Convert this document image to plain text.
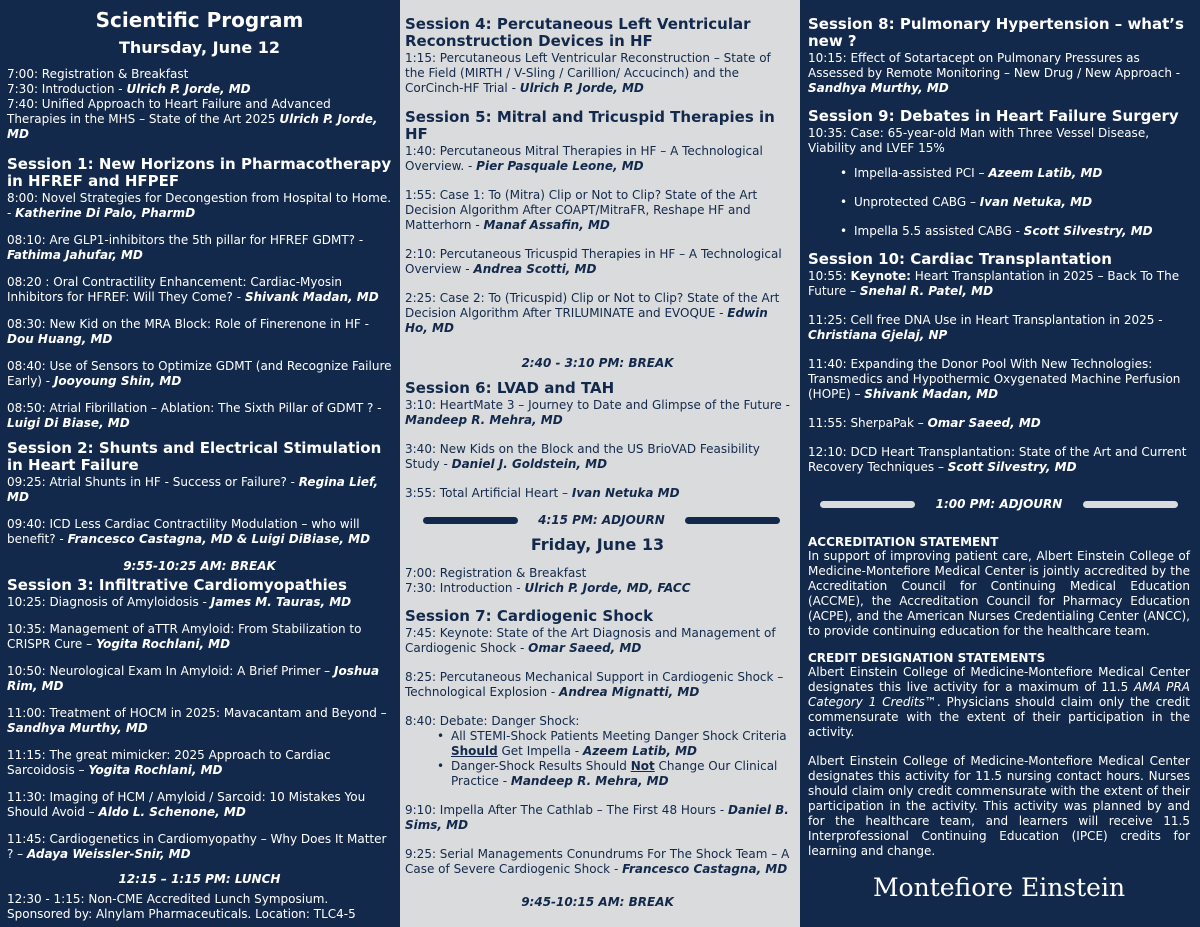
Scientific Program
Thursday, June 12

7:00: Registration & Breakfast

7:30: Introduction - Ulrich P. Jorde, MD

7:40: Unified Approach to Heart Failure and Advanced Therapies in the MHS – State of the Art 2025 Ulrich P. Jorde, MD

Session 1: New Horizons in Pharmacotherapy in HFREF and HFPEF

8:00: Novel Strategies for Decongestion from Hospital to Home. - Katherine Di Palo, PharmD

08:10: Are GLP1-inhibitors the 5th pillar for HFREF GDMT? - Fathima Jahufar, MD

08:20 : Oral Contractility Enhancement: Cardiac-Myosin Inhibitors for HFREF: Will They Come? - Shivank Madan, MD

08:30: New Kid on the MRA Block: Role of Finerenone in HF - Dou Huang, MD

08:40: Use of Sensors to Optimize GDMT (and Recognize Failure Early) - Jooyoung Shin, MD

08:50: Atrial Fibrillation – Ablation: The Sixth Pillar of GDMT ? - Luigi Di Biase, MD

Session 2: Shunts and Electrical Stimulation in Heart Failure

09:25: Atrial Shunts in HF - Success or Failure? - Regina Lief, MD

09:40: ICD Less Cardiac Contractility Modulation – who will benefit? - Francesco Castagna, MD & Luigi DiBiase, MD

9:55-10:25 AM: BREAK
Session 3: Infiltrative Cardiomyopathies

10:25: Diagnosis of Amyloidosis - James M. Tauras, MD

10:35: Management of aTTR Amyloid: From Stabilization to CRISPR Cure – Yogita Rochlani, MD

10:50: Neurological Exam In Amyloid: A Brief Primer – Joshua Rim, MD

11:00: Treatment of HOCM in 2025: Mavacantam and Beyond – Sandhya Murthy, MD

11:15: The great mimicker: 2025 Approach to Cardiac Sarcoidosis – Yogita Rochlani, MD

11:30: Imaging of HCM / Amyloid / Sarcoid: 10 Mistakes You Should Avoid – Aldo L. Schenone, MD

11:45: Cardiogenetics in Cardiomyopathy – Why Does It Matter ? – Adaya Weissler-Snir, MD

12:15 – 1:15 PM: LUNCH

12:30 - 1:15: Non-CME Accredited Lunch Symposium. Sponsored by: Alnylam Pharmaceuticals. Location: TLC4-5

Session 4: Percutaneous Left Ventricular Reconstruction Devices in HF

1:15: Percutaneous Left Ventricular Reconstruction – State of the Field (MIRTH / V-Sling / Carillion/ Accucinch) and the CorCinch-HF Trial - Ulrich P. Jorde, MD

Session 5: Mitral and Tricuspid Therapies in HF

1:40: Percutaneous Mitral Therapies in HF – A Technological Overview. - Pier Pasquale Leone, MD

1:55: Case 1: To (Mitra) Clip or Not to Clip? State of the Art Decision Algorithm After COAPT/MitraFR, Reshape HF and Matterhorn - Manaf Assafin, MD

2:10: Percutaneous Tricuspid Therapies in HF – A Technological Overview - Andrea Scotti, MD

2:25: Case 2: To (Tricuspid) Clip or Not to Clip? State of the Art Decision Algorithm After TRILUMINATE and EVOQUE - Edwin Ho, MD

2:40 - 3:10 PM: BREAK
Session 6: LVAD and TAH

3:10: HeartMate 3 – Journey to Date and Glimpse of the Future - Mandeep R. Mehra, MD

3:40: New Kids on the Block and the US BrioVAD Feasibility Study - Daniel J. Goldstein, MD

3:55: Total Artificial Heart – Ivan Netuka MD

4:15 PM: ADJOURN
Friday, June 13

7:00: Registration & Breakfast

7:30: Introduction - Ulrich P. Jorde, MD, FACC

Session 7: Cardiogenic Shock

7:45: Keynote: State of the Art Diagnosis and Management of Cardiogenic Shock - Omar Saeed, MD

8:25: Percutaneous Mechanical Support in Cardiogenic Shock – Technological Explosion - Andrea Mignatti, MD

8:40: Debate: Danger Shock:

• All STEMI-Shock Patients Meeting Danger Shock Criteria Should Get Impella - Azeem Latib, MD

• Danger-Shock Results Should Not Change Our Clinical Practice - Mandeep R. Mehra, MD

9:10: Impella After The Cathlab – The First 48 Hours - Daniel B. Sims, MD

9:25: Serial Managements Conundrums For The Shock Team – A Case of Severe Cardiogenic Shock - Francesco Castagna, MD

9:45-10:15 AM: BREAK
Session 8: Pulmonary Hypertension – what’s new ?

10:15: Effect of Sotartacept on Pulmonary Pressures as Assessed by Remote Monitoring – New Drug / New Approach - Sandhya Murthy, MD

Session 9: Debates in Heart Failure Surgery

10:35: Case: 65-year-old Man with Three Vessel Disease, Viability and LVEF 15%

• Impella-assisted PCI – Azeem Latib, MD

• Unprotected CABG – Ivan Netuka, MD

• Impella 5.5 assisted CABG - Scott Silvestry, MD

Session 10: Cardiac Transplantation

10:55: Keynote: Heart Transplantation in 2025 – Back To The Future – Snehal R. Patel, MD

11:25: Cell free DNA Use in Heart Transplantation in 2025 - Christiana Gjelaj, NP

11:40: Expanding the Donor Pool With New Technologies: Transmedics and Hypothermic Oxygenated Machine Perfusion (HOPE) – Shivank Madan, MD

11:55: SherpaPak – Omar Saeed, MD

12:10: DCD Heart Transplantation: State of the Art and Current Recovery Techniques – Scott Silvestry, MD

1:00 PM: ADJOURN

ACCREDITATION STATEMENT

In support of improving patient care, Albert Einstein College of Medicine-Montefiore Medical Center is jointly accredited by the Accreditation Council for Continuing Medical Education (ACCME), the Accreditation Council for Pharmacy Education (ACPE), and the American Nurses Credentialing Center (ANCC), to provide continuing education for the healthcare team.

CREDIT DESIGNATION STATEMENTS

Albert Einstein College of Medicine-Montefiore Medical Center designates this live activity for a maximum of 11.5 AMA PRA Category 1 Credits™. Physicians should claim only the credit commensurate with the extent of their participation in the activity.

Albert Einstein College of Medicine-Montefiore Medical Center designates this activity for 11.5 nursing contact hours. Nurses should claim only credit commensurate with the extent of their participation in the activity. This activity was planned by and for the healthcare team, and learners will receive 11.5 Interprofessional Continuing Education (IPCE) credits for learning and change.

Montefiore Einstein
